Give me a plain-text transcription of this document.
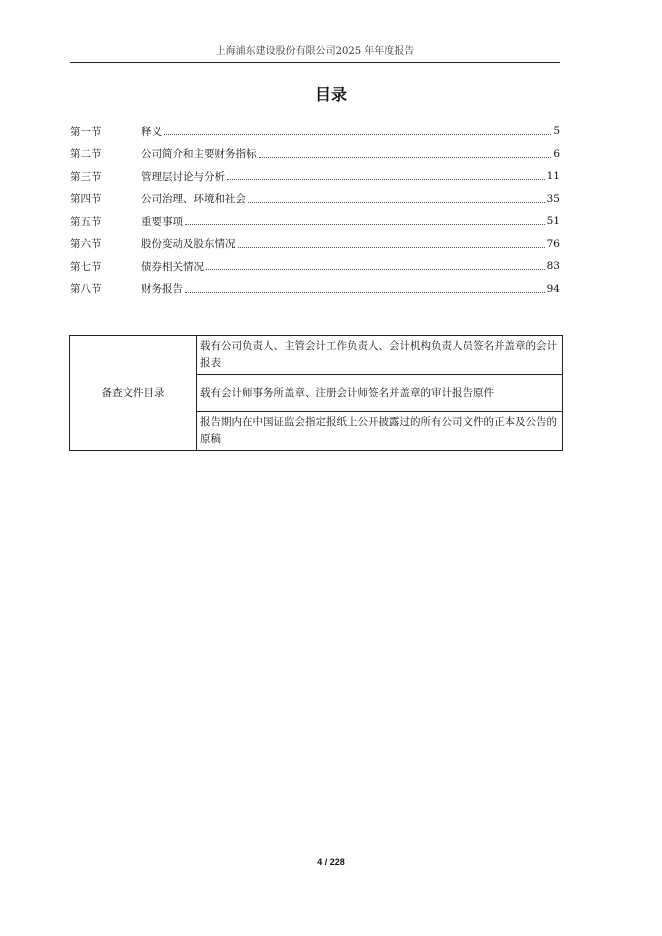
上海浦东建设股份有限公司2025 年年度报告
目录
第一节	释义	5
第二节	公司简介和主要财务指标	6
第三节	管理层讨论与分析	11
第四节	公司治理、环境和社会	35
第五节	重要事项	51
第六节	股份变动及股东情况	76
第七节	债券相关情况	83
第八节	财务报告	94
备查文件目录	载有公司负责人、主管会计工作负责人、会计机构负责人员签名并盖章的会计报表
载有会计师事务所盖章、注册会计师签名并盖章的审计报告原件
报告期内在中国证监会指定报纸上公开披露过的所有公司文件的正本及公告的原稿
4 / 228
